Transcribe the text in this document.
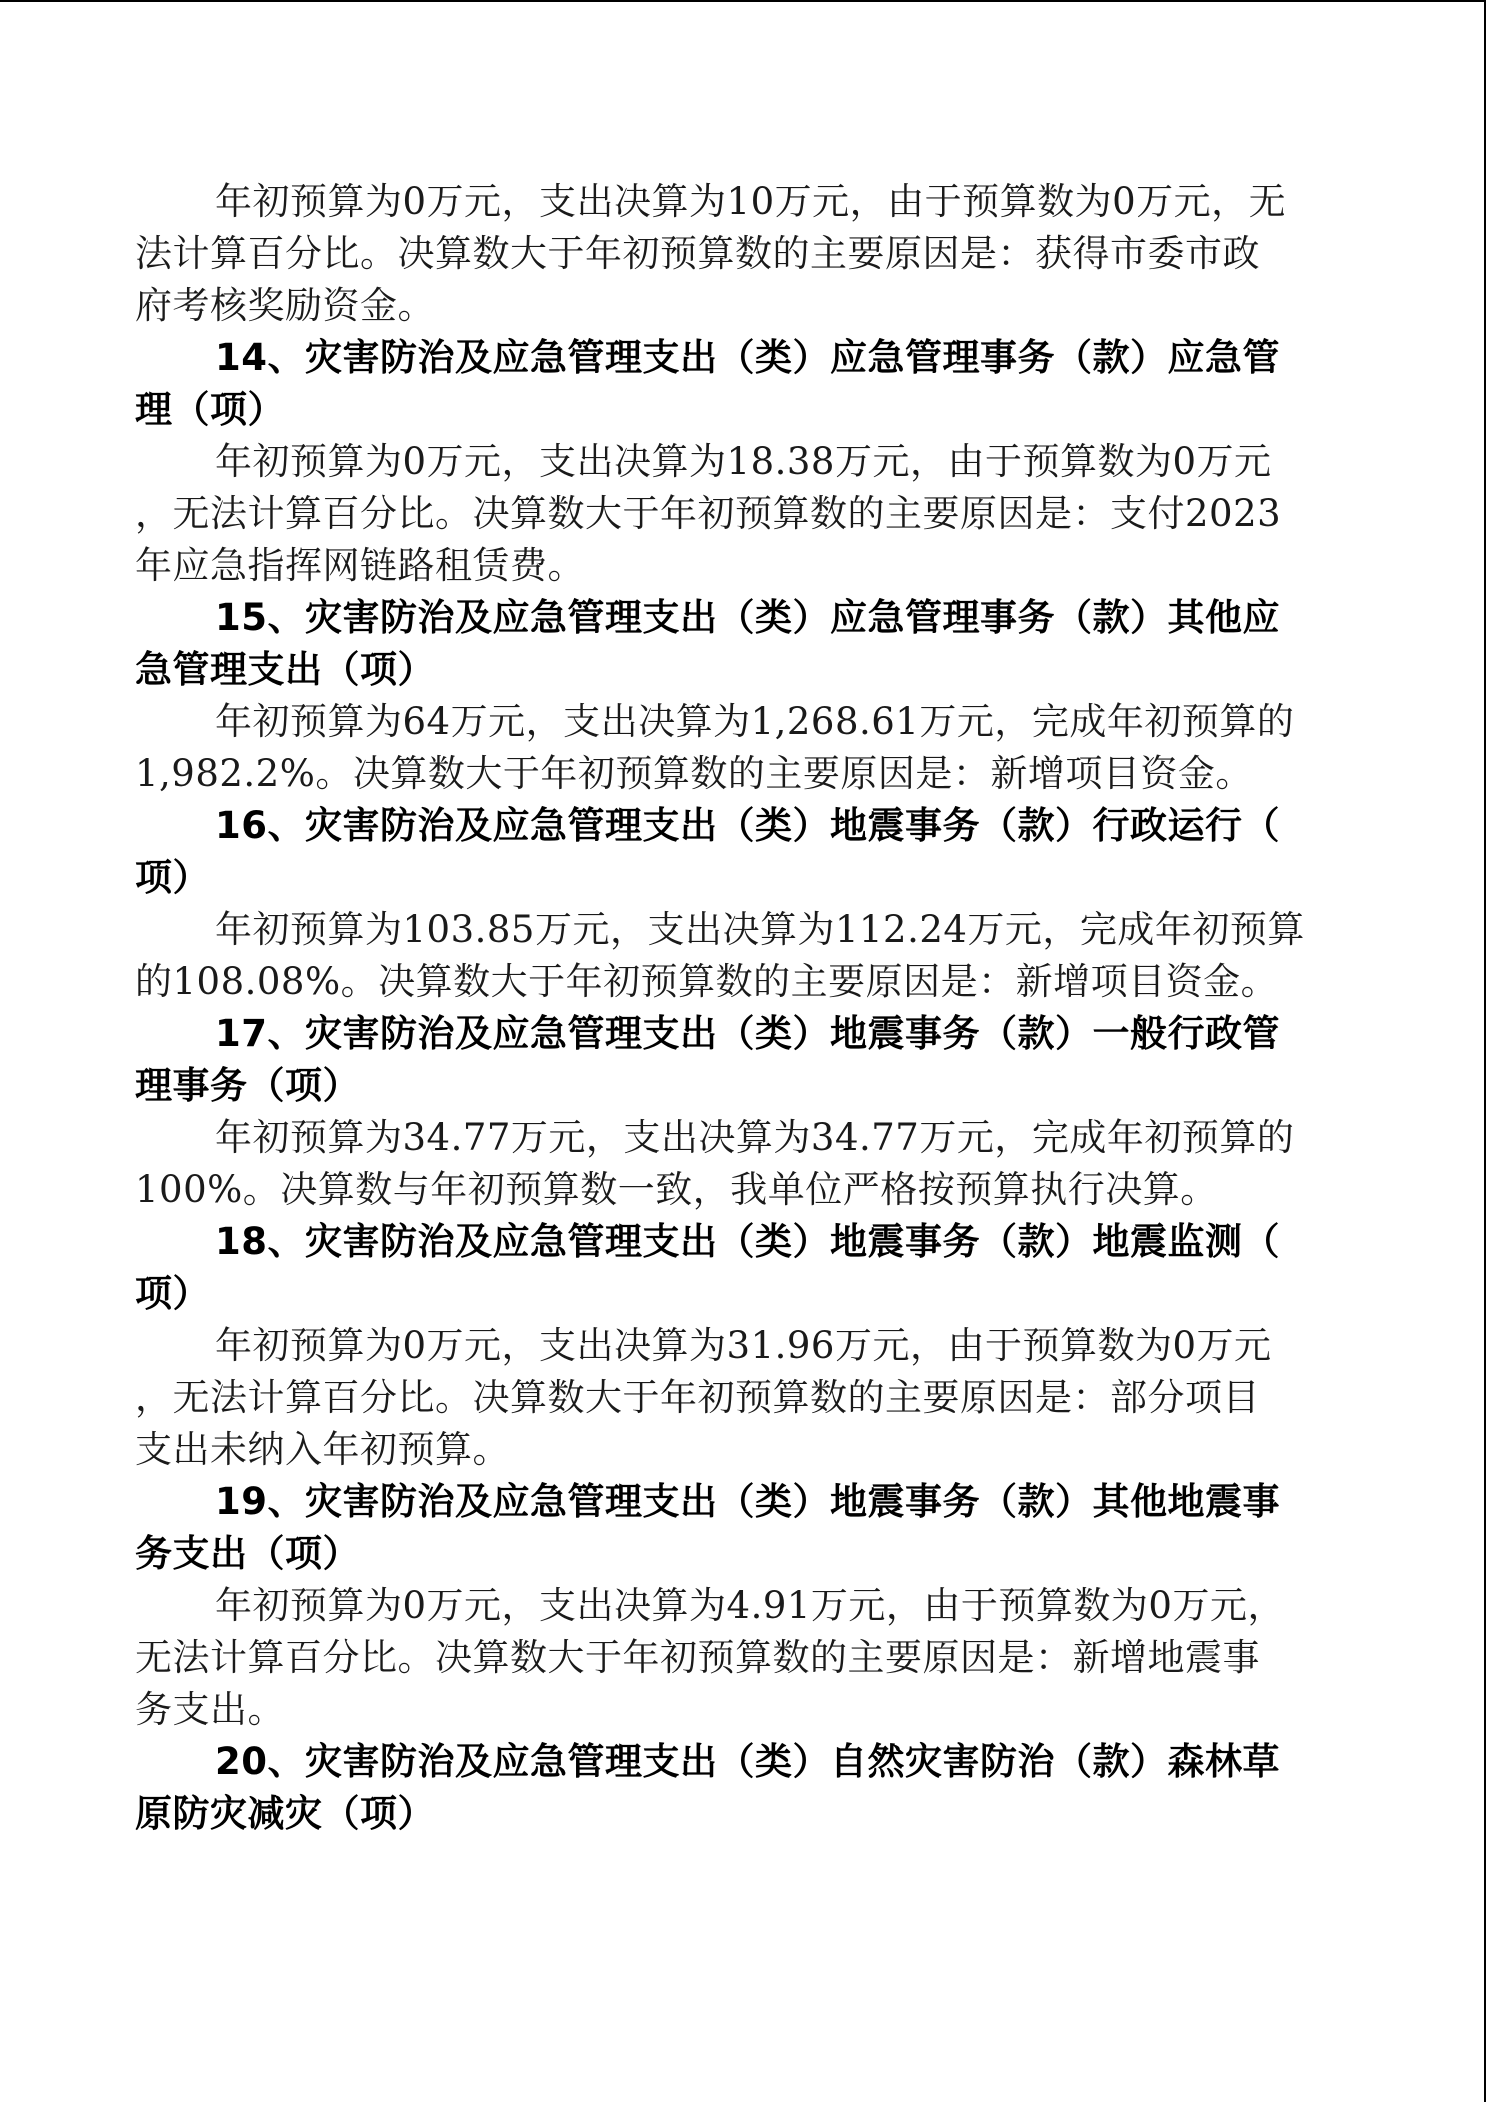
年初预算为0万元，支出决算为10万元，由于预算数为0万元，无
法计算百分比。决算数大于年初预算数的主要原因是：获得市委市政
府考核奖励资金。
14、灾害防治及应急管理支出（类）应急管理事务（款）应急管
理（项）
年初预算为0万元，支出决算为18.38万元，由于预算数为0万元
，无法计算百分比。决算数大于年初预算数的主要原因是：支付2023
年应急指挥网链路租赁费。
15、灾害防治及应急管理支出（类）应急管理事务（款）其他应
急管理支出（项）
年初预算为64万元，支出决算为1,268.61万元，完成年初预算的
1,982.2%。决算数大于年初预算数的主要原因是：新增项目资金。
16、灾害防治及应急管理支出（类）地震事务（款）行政运行（
项）
年初预算为103.85万元，支出决算为112.24万元，完成年初预算
的108.08%。决算数大于年初预算数的主要原因是：新增项目资金。
17、灾害防治及应急管理支出（类）地震事务（款）一般行政管
理事务（项）
年初预算为34.77万元，支出决算为34.77万元，完成年初预算的
100%。决算数与年初预算数一致，我单位严格按预算执行决算。
18、灾害防治及应急管理支出（类）地震事务（款）地震监测（
项）
年初预算为0万元，支出决算为31.96万元，由于预算数为0万元
，无法计算百分比。决算数大于年初预算数的主要原因是：部分项目
支出未纳入年初预算。
19、灾害防治及应急管理支出（类）地震事务（款）其他地震事
务支出（项）
年初预算为0万元，支出决算为4.91万元，由于预算数为0万元，
无法计算百分比。决算数大于年初预算数的主要原因是：新增地震事
务支出。
20、灾害防治及应急管理支出（类）自然灾害防治（款）森林草
原防灾减灾（项）
